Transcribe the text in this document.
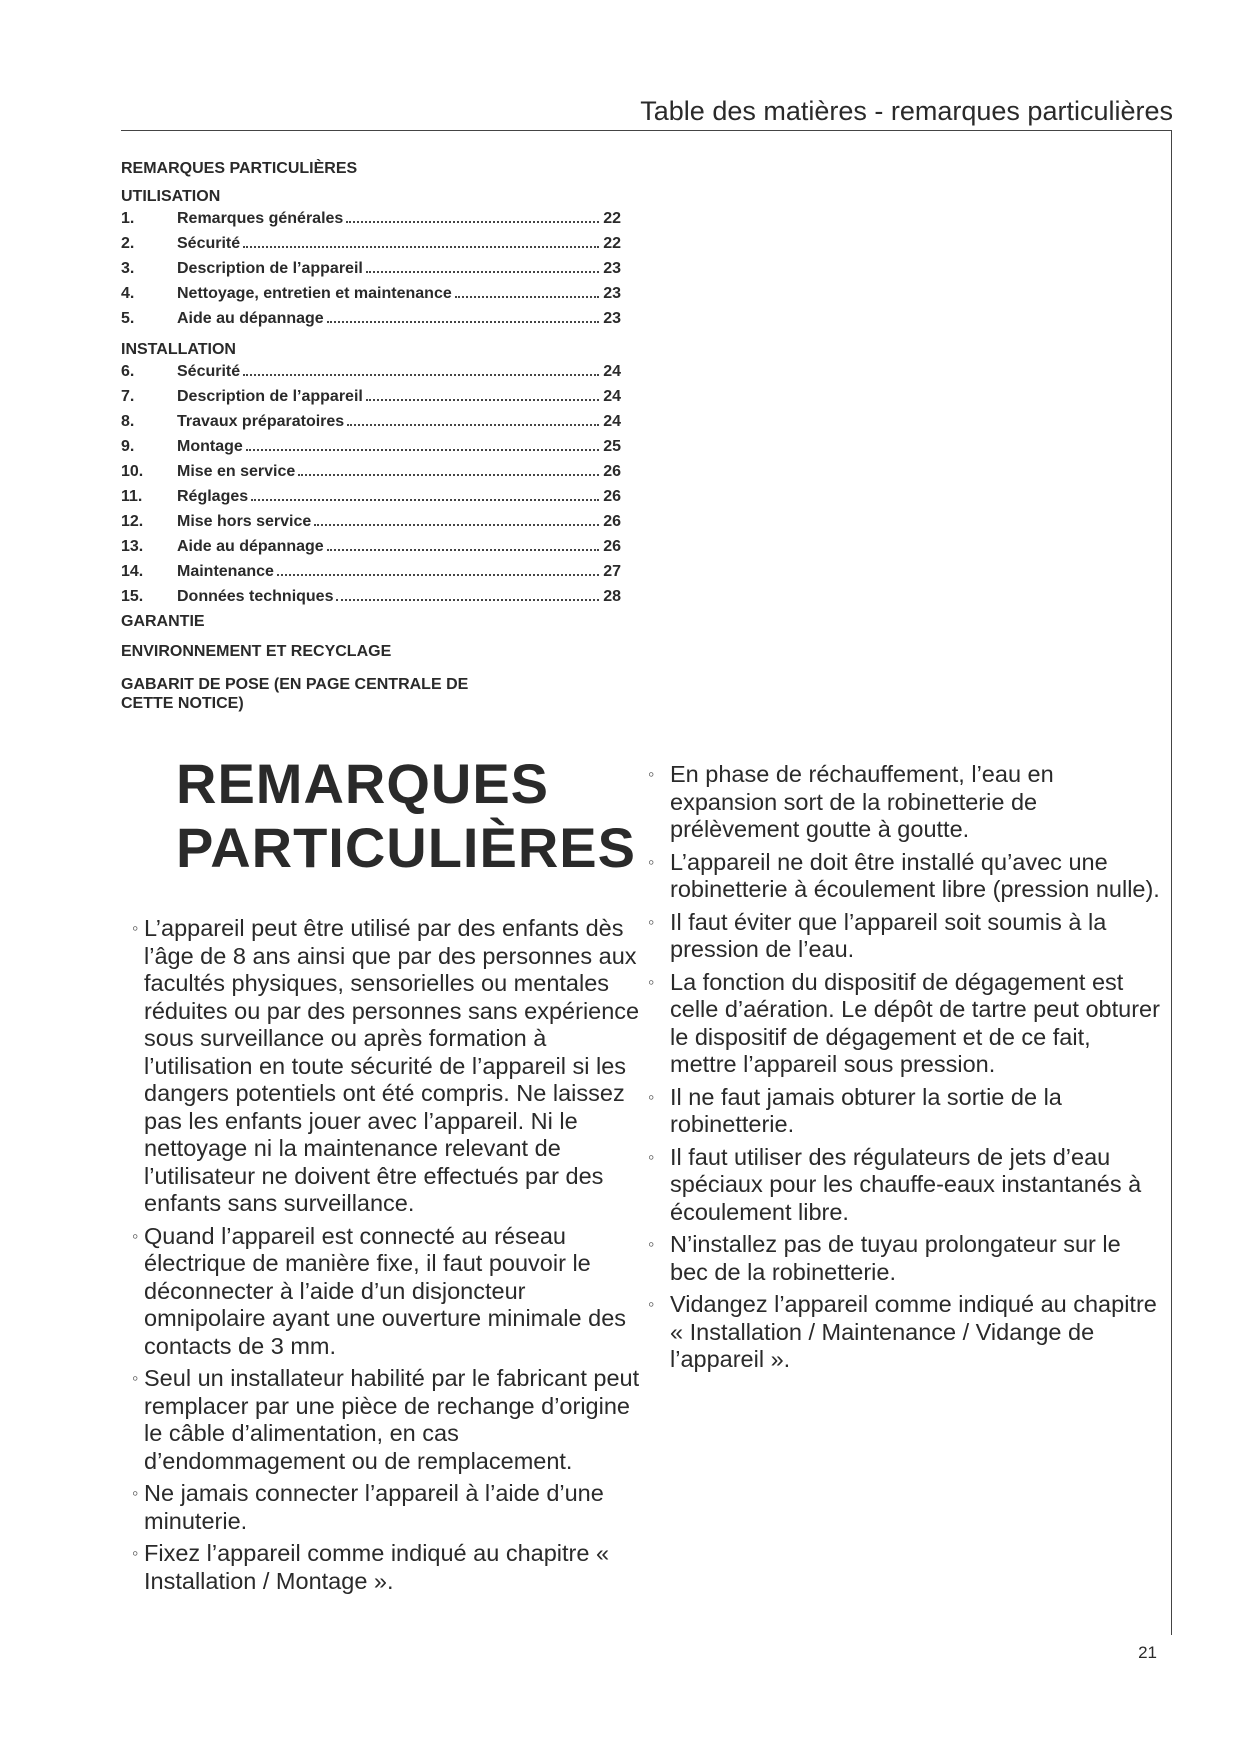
Table des matières - remarques particulières
REMARQUES PARTICULIÈRES
UTILISATION
1.	Remarques générales	22
2.	Sécurité	22
3.	Description de l’appareil	23
4.	Nettoyage, entretien et maintenance	23
5.	Aide au dépannage	23
INSTALLATION
6.	Sécurité	24
7.	Description de l’appareil	24
8.	Travaux préparatoires	24
9.	Montage	25
10.	Mise en service	26
11.	Réglages	26
12.	Mise hors service	26
13.	Aide au dépannage	26
14.	Maintenance	27
15.	Données techniques	28
GARANTIE
ENVIRONNEMENT ET RECYCLAGE
GABARIT DE POSE (EN PAGE CENTRALE DE
CETTE NOTICE)
REMARQUES
PARTICULIÈRES
◦ L’appareil peut être utilisé par des enfants dès l’âge de 8 ans ainsi que par des personnes aux facultés physiques, sensorielles ou mentales réduites ou par des personnes sans expérience sous surveillance ou après formation à l’utilisation en toute sécurité de l’appareil si les dangers potentiels ont été compris. Ne laissez pas les enfants jouer avec l’appareil. Ni le nettoyage ni la maintenance relevant de l’utilisateur ne doivent être effectués par des enfants sans surveillance.
◦ Quand l’appareil est connecté au réseau électrique de manière fixe, il faut pouvoir le déconnecter à l’aide d’un disjoncteur omnipolaire ayant une ouverture minimale des contacts de 3 mm.
◦ Seul un installateur habilité par le fabricant peut remplacer par une pièce de rechange d’origine le câble d’alimentation, en cas d’endommagement ou de remplacement.
◦ Ne jamais connecter l’appareil à l’aide d’une minuterie.
◦ Fixez l’appareil comme indiqué au chapitre « Installation / Montage ».
◦ En phase de réchauffement, l’eau en expansion sort de la robinetterie de prélèvement goutte à goutte.
◦ L’appareil ne doit être installé qu’avec une robinetterie à écoulement libre (pression nulle).
◦ Il faut éviter que l’appareil soit soumis à la pression de l’eau.
◦ La fonction du dispositif de dégagement est celle d’aération. Le dépôt de tartre peut obturer le dispositif de dégagement et de ce fait, mettre l’appareil sous pression.
◦ Il ne faut jamais obturer la sortie de la robinetterie.
◦ Il faut utiliser des régulateurs de jets d’eau spéciaux pour les chauffe-eaux instantanés à écoulement libre.
◦ N’installez pas de tuyau prolongateur sur le bec de la robinetterie.
◦ Vidangez l’appareil comme indiqué au chapitre « Installation / Maintenance / Vidange de l’appareil ».
21
